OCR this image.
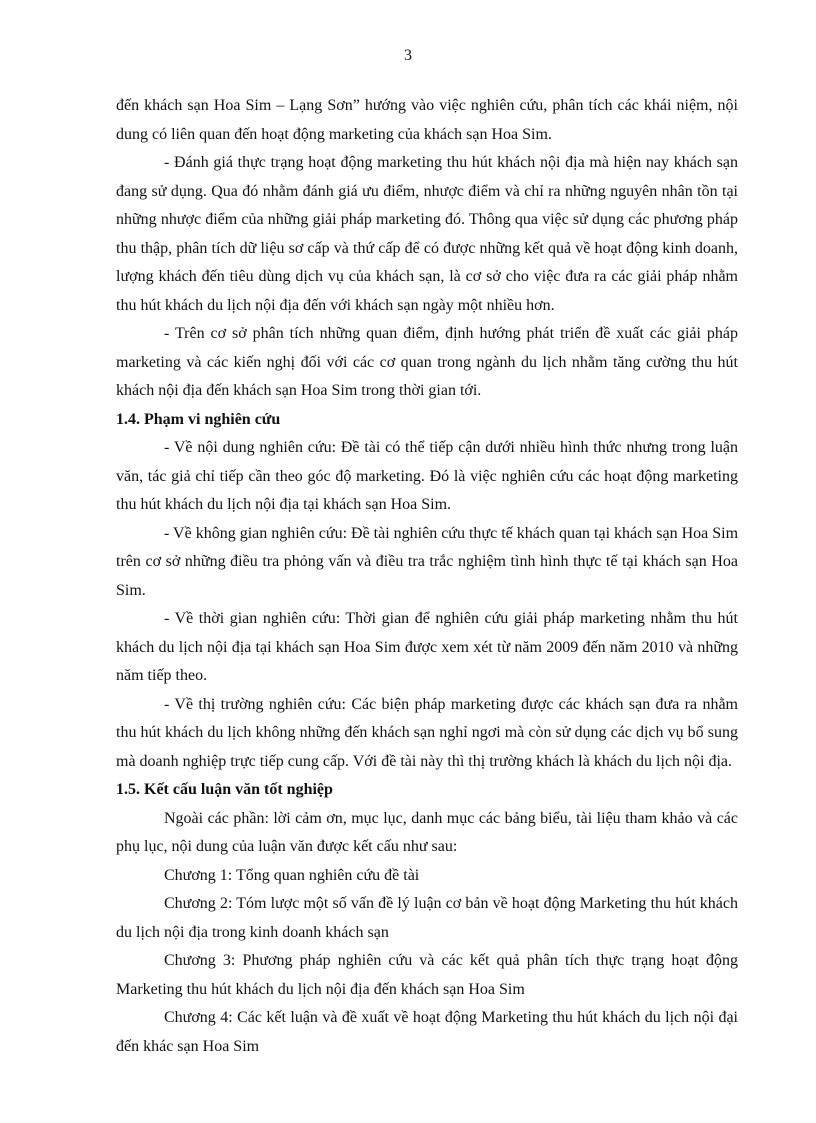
3

đến khách sạn Hoa Sim – Lạng Sơn” hướng vào việc nghiên cứu, phân tích các khái niệm, nội dung có liên quan đến hoạt động marketing của khách sạn Hoa Sim.

- Đánh giá thực trạng hoạt động marketing thu hút khách nội địa mà hiện nay khách sạn đang sử dụng. Qua đó nhằm đánh giá ưu điểm, nhược điểm và chỉ ra những nguyên nhân tồn tại những nhược điểm của những giải pháp marketing đó. Thông qua việc sử dụng các phương pháp thu thập, phân tích dữ liệu sơ cấp và thứ cấp để có được những kết quả về hoạt động kinh doanh, lượng khách đến tiêu dùng dịch vụ của khách sạn, là cơ sở cho việc đưa ra các giải pháp nhằm thu hút khách du lịch nội địa đến với khách sạn ngày một nhiều hơn.

- Trên cơ sở phân tích những quan điểm, định hướng phát triển đề xuất các giải pháp marketing và các kiến nghị đối với các cơ quan trong ngành du lịch nhằm tăng cường thu hút khách nội địa đến khách sạn Hoa Sim trong thời gian tới.

1.4. Phạm vi nghiên cứu

- Về nội dung nghiên cứu: Đề tài có thể tiếp cận dưới nhiều hình thức nhưng trong luận văn, tác giả chỉ tiếp cần theo góc độ marketing. Đó là việc nghiên cứu các hoạt động marketing thu hút khách du lịch nội địa tại khách sạn Hoa Sim.

- Về không gian nghiên cứu: Đề tài nghiên cứu thực tế khách quan tại khách sạn Hoa Sim trên cơ sở những điều tra phỏng vấn và điều tra trắc nghiệm tình hình thực tế tại khách sạn Hoa Sim.

- Về thời gian nghiên cứu: Thời gian để nghiên cứu giải pháp marketing nhằm thu hút khách du lịch nội địa tại khách sạn Hoa Sim được xem xét từ năm 2009 đến năm 2010 và những năm tiếp theo.

- Về thị trường nghiên cứu: Các biện pháp marketing được các khách sạn đưa ra nhằm thu hút khách du lịch không những đến khách sạn nghỉ ngơi mà còn sử dụng các dịch vụ bổ sung mà doanh nghiệp trực tiếp cung cấp. Với đề tài này thì thị trường khách là khách du lịch nội địa.

1.5. Kết cấu luận văn tốt nghiệp

Ngoài các phần: lời cảm ơn, mục lục, danh mục các bảng biểu, tài liệu tham khảo và các phụ lục, nội dung của luận văn được kết cấu như sau:

Chương 1: Tổng quan nghiên cứu đề tài

Chương 2: Tóm lược một số vấn đề lý luận cơ bản về hoạt động Marketing thu hút khách du lịch nội địa trong kinh doanh khách sạn

Chương 3: Phương pháp nghiên cứu và các kết quả phân tích thực trạng hoạt động Marketing thu hút khách du lịch nội địa đến khách sạn Hoa Sim

Chương 4: Các kết luận và đề xuất về hoạt động Marketing thu hút khách du lịch nội đại đến khác sạn Hoa Sim
